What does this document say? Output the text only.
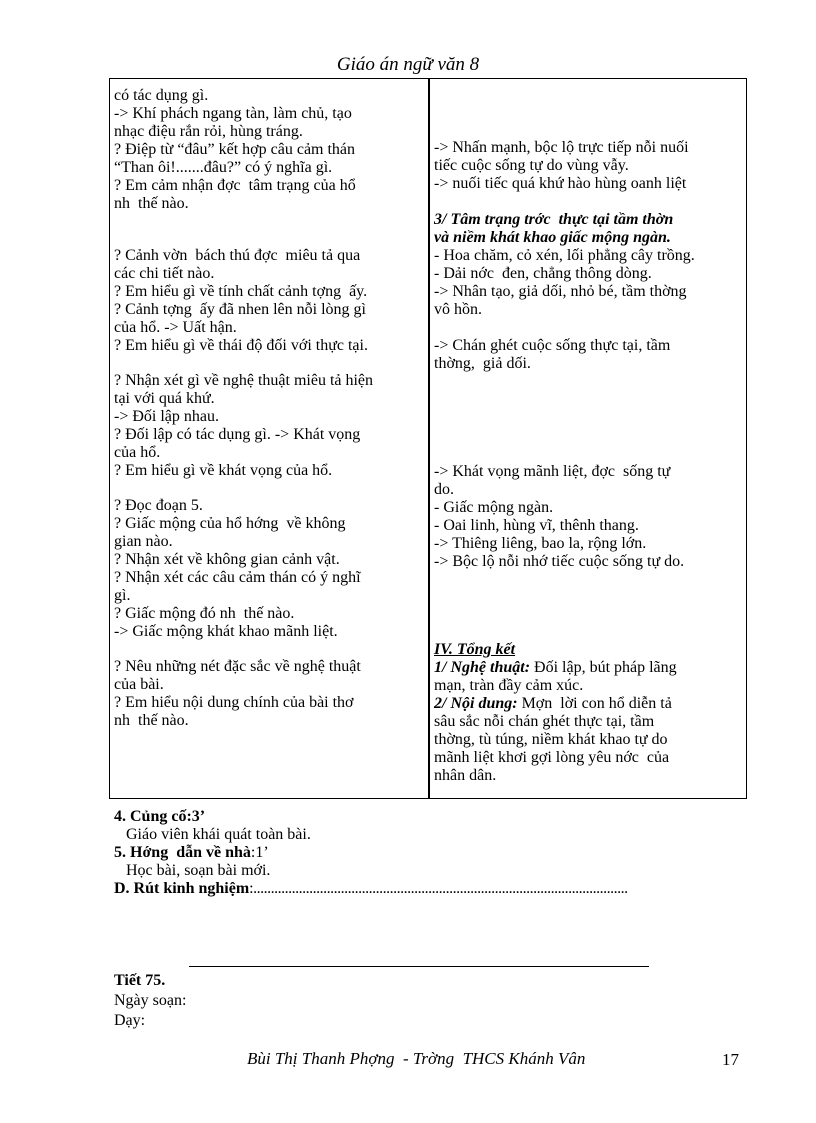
Giáo án ngữ văn 8
có tác dụng gì.
-> Khí phách ngang tàn, làm chủ, tạo
nhạc điệu rắn rỏi, hùng tráng.
? Điệp từ “đâu” kết hợp câu cảm thán
“Than ôi!.......đâu?” có ý nghĩa gì.
? Em cảm nhận đợc  tâm trạng của hổ
nh  thế nào.
? Cảnh vờn  bách thú đợc  miêu tả qua
các chi tiết nào.
? Em hiểu gì về tính chất cảnh tợng  ấy.
? Cảnh tợng  ấy đã nhen lên nỗi lòng gì
của hổ. -> Uất hận.
? Em hiểu gì về thái độ đối với thực tại.
? Nhận xét gì về nghệ thuật miêu tả hiện
tại với quá khứ.
-> Đối lập nhau.
? Đối lập có tác dụng gì. -> Khát vọng
của hổ.
? Em hiểu gì về khát vọng của hổ.
? Đọc đoạn 5.
? Giấc mộng của hổ hớng  về không
gian nào.
? Nhận xét về không gian cảnh vật.
? Nhận xét các câu cảm thán có ý nghĩ
gì.
? Giấc mộng đó nh  thế nào.
-> Giấc mộng khát khao mãnh liệt.
? Nêu những nét đặc sắc về nghệ thuật
của bài.
? Em hiểu nội dung chính của bài thơ
nh  thế nào.
-> Nhấn mạnh, bộc lộ trực tiếp nỗi nuối
tiếc cuộc sống tự do vùng vẫy.
-> nuối tiếc quá khứ hào hùng oanh liệt
3/ Tâm trạng trớc  thực tại tầm thờn
và niềm khát khao giấc mộng ngàn.
- Hoa chăm, cỏ xén, lối phẳng cây trồng.
- Dải nớc  đen, chẳng thông dòng.
-> Nhân tạo, giả dối, nhỏ bé, tầm thờng
vô hồn.
-> Chán ghét cuộc sống thực tại, tầm
thờng,  giả dối.
-> Khát vọng mãnh liệt, đợc  sống tự
do.
- Giấc mộng ngàn.
- Oai linh, hùng vĩ, thênh thang.
-> Thiêng liêng, bao la, rộng lớn.
-> Bộc lộ nỗi nhớ tiếc cuộc sống tự do.
IV. Tổng kết
1/ Nghệ thuật: Đối lập, bút pháp lãng
mạn, tràn đầy cảm xúc.
2/ Nội dung: Mợn  lời con hổ diễn tả
sâu sắc nỗi chán ghét thực tại, tầm
thờng, tù túng, niềm khát khao tự do
mãnh liệt khơi gợi lòng yêu nớc  của
nhân dân.
4. Củng cố:3’
Giáo viên khái quát toàn bài.
5. Hớng  dẫn về nhà:1’
Học bài, soạn bài mới.
D. Rút kinh nghiệm:...........................................................................................................
Tiết 75.
Ngày soạn:
Dạy:
Bùi Thị Thanh Phợng  - Trờng  THCS Khánh Vân	17
